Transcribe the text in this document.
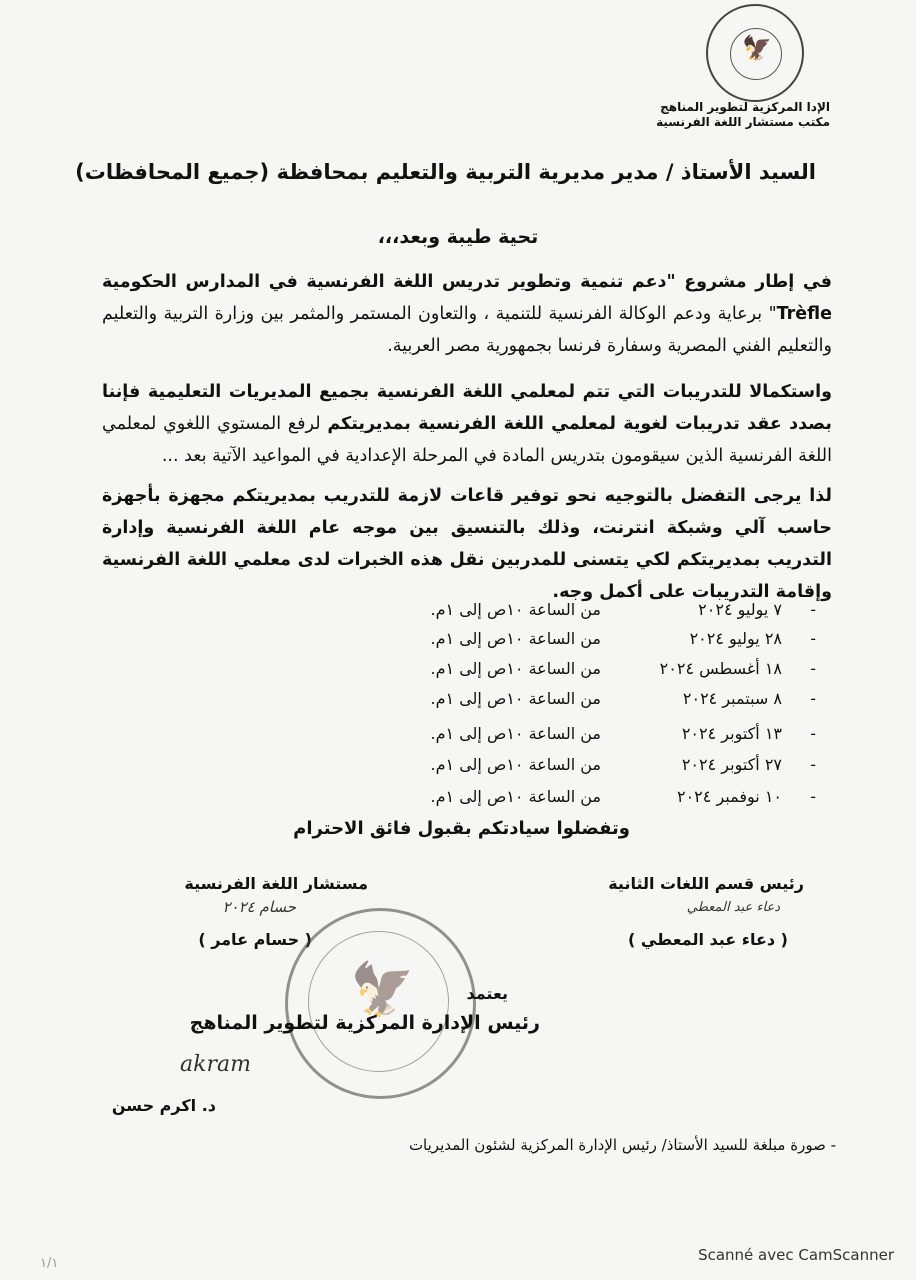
🦅
الإدا المركزية لتطوير المناهج
مكتب مستشار اللغة الفرنسية
السيد الأستاذ / مدير مديرية التربية والتعليم بمحافظة (جميع المحافظات)
تحية طيبة وبعد،،،
في إطار مشروع "دعم تنمية وتطوير تدريس اللغة الفرنسية في المدارس الحكومية Trèfle" برعاية ودعم الوكالة الفرنسية للتنمية ، والتعاون المستمر والمثمر بين وزارة التربية والتعليم والتعليم الفني المصرية وسفارة فرنسا بجمهورية مصر العربية.
واستكمالا للتدريبات التي تتم لمعلمي اللغة الفرنسية بجميع المديريات التعليمية فإننا بصدد عقد تدريبات لغوية لمعلمي اللغة الفرنسية بمديريتكم لرفع المستوي اللغوي لمعلمي اللغة الفرنسية الذين سيقومون بتدريس المادة في المرحلة الإعدادية في المواعيد الآتية بعد ...
لذا يرجى التفضل بالتوجيه نحو توفير قاعات لازمة للتدريب بمديريتكم مجهزة بأجهزة حاسب آلي وشبكة انترنت، وذلك بالتنسيق بين موجه عام اللغة الفرنسية وإدارة التدريب بمديريتكم لكي يتسنى للمدربين نقل هذه الخبرات لدى معلمي اللغة الفرنسية وإقامة التدريبات على أكمل وجه.
-
٧ يوليو ٢٠٢٤
من الساعة ١٠ص إلى ١م.
-
٢٨ يوليو ٢٠٢٤
من الساعة ١٠ص إلى ١م.
-
١٨ أغسطس ٢٠٢٤
من الساعة ١٠ص إلى ١م.
-
٨ سبتمبر ٢٠٢٤
من الساعة ١٠ص إلى ١م.
-
١٣ أكتوبر ٢٠٢٤
من الساعة ١٠ص إلى ١م.
-
٢٧ أكتوبر ٢٠٢٤
من الساعة ١٠ص إلى ١م.
-
١٠ نوفمبر ٢٠٢٤
من الساعة ١٠ص إلى ١م.
وتفضلوا سيادتكم بقبول فائق الاحترام
رئيس قسم اللغات الثانية
دعاء عبد المعطي
( دعاء عبد المعطي )
مستشار اللغة الفرنسية
حسام ٢٠٢٤
( حسام عامر )
🦅	يعتمد
رئيس الإدارة المركزية لتطوير المناهج
akram
د. اكرم حسن
- صورة مبلغة للسيد الأستاذ/ رئيس الإدارة المركزية لشئون المديريات
١/١	Scanné avec CamScanner
